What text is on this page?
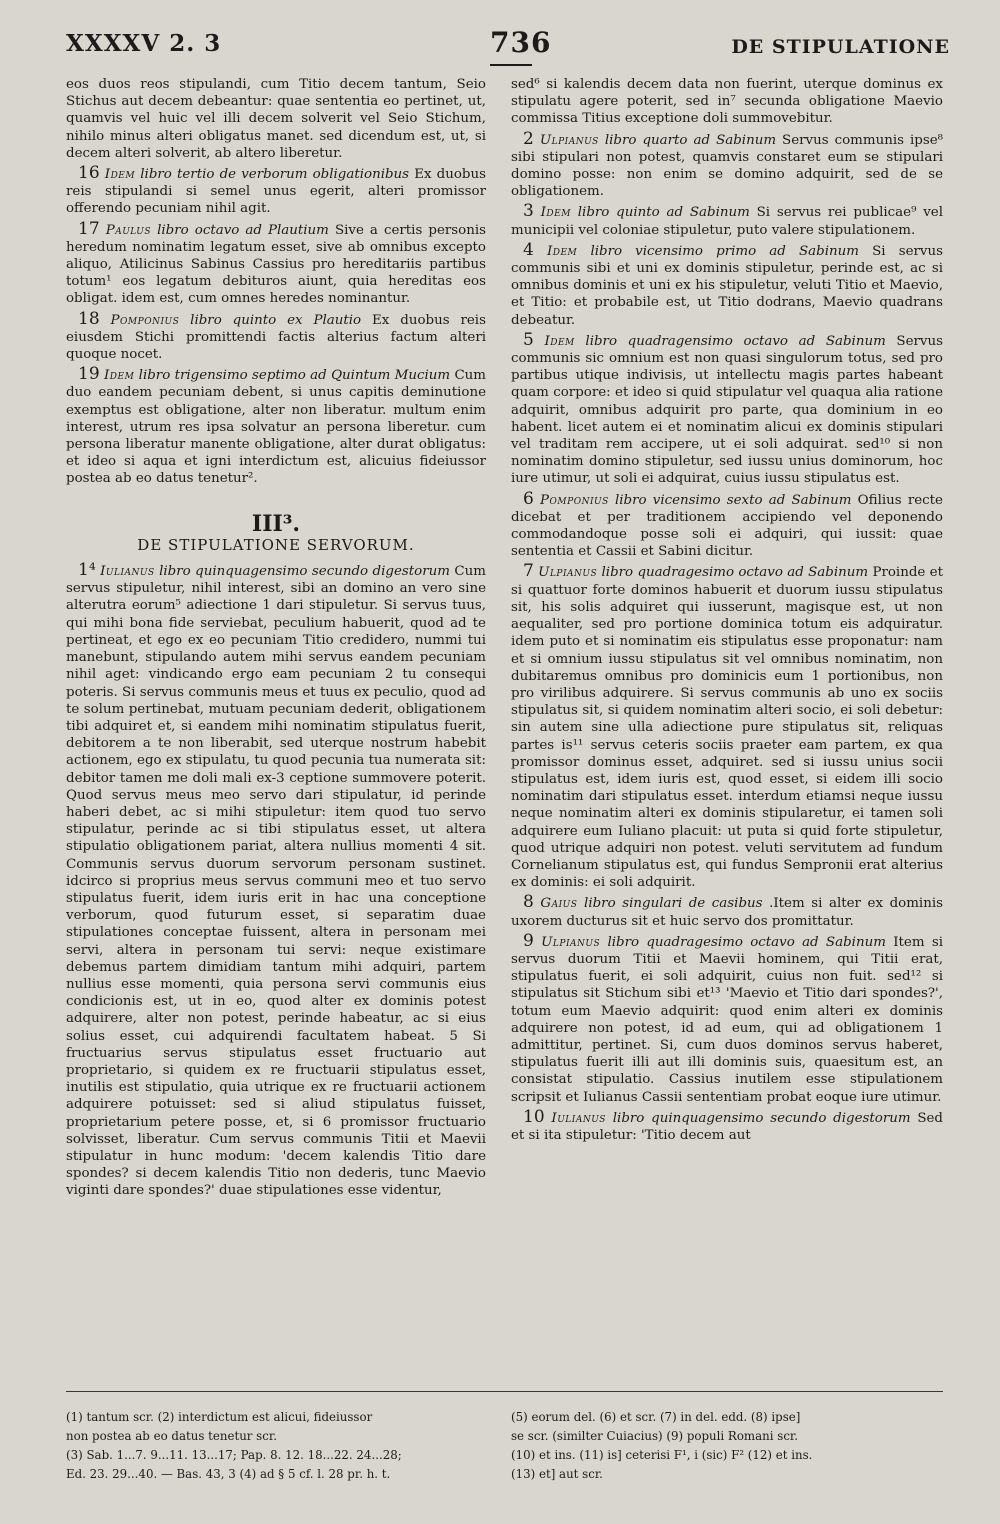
XXXXV 2. 3	736	DE STIPULATIONE

eos duos reos stipulandi, cum Titio decem tantum, Seio Stichus aut decem debeantur: quae sententia eo pertinet, ut, quamvis vel huic vel illi decem solverit vel Seio Stichum, nihilo minus alteri obligatus manet. sed dicendum est, ut, si decem alteri solverit, ab altero liberetur.

16 Idem libro tertio de verborum obligationibus Ex duobus reis stipulandi si semel unus egerit, alteri promissor offerendo pecuniam nihil agit.

17 Paulus libro octavo ad Plautium Sive a certis personis heredum nominatim legatum esset, sive ab omnibus excepto aliquo, Atilicinus Sabinus Cassius pro hereditariis partibus totum¹ eos legatum debituros aiunt, quia hereditas eos obligat. idem est, cum omnes heredes nominantur.

18 Pomponius libro quinto ex Plautio Ex duobus reis eiusdem Stichi promittendi factis alterius factum alteri quoque nocet.

19 Idem libro trigensimo septimo ad Quintum Mucium Cum duo eandem pecuniam debent, si unus capitis deminutione exemptus est obligatione, alter non liberatur. multum enim interest, utrum res ipsa solvatur an persona liberetur. cum persona liberatur manente obligatione, alter durat obligatus: et ideo si aqua et igni interdictum est, alicuius fideiussor postea ab eo datus tenetur².

III³.
DE STIPULATIONE SERVORUM.

1⁴ Iulianus libro quinquagensimo secundo digestorum Cum servus stipuletur, nihil interest, sibi an domino an vero sine alterutra eorum⁵ adiectione 1 dari stipuletur. Si servus tuus, qui mihi bona fide serviebat, peculium habuerit, quod ad te pertineat, et ego ex eo pecuniam Titio credidero, nummi tui manebunt, stipulando autem mihi servus eandem pecuniam nihil aget: vindicando ergo eam pecuniam 2 tu consequi poteris. Si servus communis meus et tuus ex peculio, quod ad te solum pertinebat, mutuam pecuniam dederit, obligationem tibi adquiret et, si eandem mihi nominatim stipulatus fuerit, debitorem a te non liberabit, sed uterque nostrum habebit actionem, ego ex stipulatu, tu quod pecunia tua numerata sit: debitor tamen me doli mali ex-3 ceptione summovere poterit. Quod servus meus meo servo dari stipulatur, id perinde haberi debet, ac si mihi stipuletur: item quod tuo servo stipulatur, perinde ac si tibi stipulatus esset, ut altera stipulatio obligationem pariat, altera nullius momenti 4 sit. Communis servus duorum servorum personam sustinet. idcirco si proprius meus servus communi meo et tuo servo stipulatus fuerit, idem iuris erit in hac una conceptione verborum, quod futurum esset, si separatim duae stipulationes conceptae fuissent, altera in personam mei servi, altera in personam tui servi: neque existimare debemus partem dimidiam tantum mihi adquiri, partem nullius esse momenti, quia persona servi communis eius condicionis est, ut in eo, quod alter ex dominis potest adquirere, alter non potest, perinde habeatur, ac si eius solius esset, cui adquirendi facultatem habeat. 5 Si fructuarius servus stipulatus esset fructuario aut proprietario, si quidem ex re fructuarii stipulatus esset, inutilis est stipulatio, quia utrique ex re fructuarii actionem adquirere potuisset: sed si aliud stipulatus fuisset, proprietarium petere posse, et, si 6 promissor fructuario solvisset, liberatur. Cum servus communis Titii et Maevii stipulatur in hunc modum: 'decem kalendis Titio dare spondes? si decem kalendis Titio non dederis, tunc Maevio viginti dare spondes?' duae stipulationes esse videntur,

sed⁶ si kalendis decem data non fuerint, uterque dominus ex stipulatu agere poterit, sed in⁷ secunda obligatione Maevio commissa Titius exceptione doli summovebitur.

2 Ulpianus libro quarto ad Sabinum Servus communis ipse⁸ sibi stipulari non potest, quamvis constaret eum se stipulari domino posse: non enim se domino adquirit, sed de se obligationem.

3 Idem libro quinto ad Sabinum Si servus rei publicae⁹ vel municipii vel coloniae stipuletur, puto valere stipulationem.

4 Idem libro vicensimo primo ad Sabinum Si servus communis sibi et uni ex dominis stipuletur, perinde est, ac si omnibus dominis et uni ex his stipuletur, veluti Titio et Maevio, et Titio: et probabile est, ut Titio dodrans, Maevio quadrans debeatur.

5 Idem libro quadragensimo octavo ad Sabinum Servus communis sic omnium est non quasi singulorum totus, sed pro partibus utique indivisis, ut intellectu magis partes habeant quam corpore: et ideo si quid stipulatur vel quaqua alia ratione adquirit, omnibus adquirit pro parte, qua dominium in eo habent. licet autem ei et nominatim alicui ex dominis stipulari vel traditam rem accipere, ut ei soli adquirat. sed¹⁰ si non nominatim domino stipuletur, sed iussu unius dominorum, hoc iure utimur, ut soli ei adquirat, cuius iussu stipulatus est.

6 Pomponius libro vicensimo sexto ad Sabinum Ofilius recte dicebat et per traditionem accipiendo vel deponendo commodandoque posse soli ei adquiri, qui iussit: quae sententia et Cassii et Sabini dicitur.

7 Ulpianus libro quadragesimo octavo ad Sabinum Proinde et si quattuor forte dominos habuerit et duorum iussu stipulatus sit, his solis adquiret qui iusserunt, magisque est, ut non aequaliter, sed pro portione dominica totum eis adquiratur. idem puto et si nominatim eis stipulatus esse proponatur: nam et si omnium iussu stipulatus sit vel omnibus nominatim, non dubitaremus omnibus pro dominicis eum 1 portionibus, non pro virilibus adquirere. Si servus communis ab uno ex sociis stipulatus sit, si quidem nominatim alteri socio, ei soli debetur: sin autem sine ulla adiectione pure stipulatus sit, reliquas partes is¹¹ servus ceteris sociis praeter eam partem, ex qua promissor dominus esset, adquiret. sed si iussu unius socii stipulatus est, idem iuris est, quod esset, si eidem illi socio nominatim dari stipulatus esset. interdum etiamsi neque iussu neque nominatim alteri ex dominis stipularetur, ei tamen soli adquirere eum Iuliano placuit: ut puta si quid forte stipuletur, quod utrique adquiri non potest. veluti servitutem ad fundum Cornelianum stipulatus est, qui fundus Sempronii erat alterius ex dominis: ei soli adquirit.

8 Gaius libro singulari de casibus .Item si alter ex dominis uxorem ducturus sit et huic servo dos promittatur.

9 Ulpianus libro quadragesimo octavo ad Sabinum Item si servus duorum Titii et Maevii hominem, qui Titii erat, stipulatus fuerit, ei soli adquirit, cuius non fuit. sed¹² si stipulatus sit Stichum sibi et¹³ 'Maevio et Titio dari spondes?', totum eum Maevio adquirit: quod enim alteri ex dominis adquirere non potest, id ad eum, qui ad obligationem 1 admittitur, pertinet. Si, cum duos dominos servus haberet, stipulatus fuerit illi aut illi dominis suis, quaesitum est, an consistat stipulatio. Cassius inutilem esse stipulationem scripsit et Iulianus Cassii sententiam probat eoque iure utimur.

10 Iulianus libro quinquagensimo secundo digestorum Sed et si ita stipuletur: 'Titio decem aut

(1) tantum scr. (2) interdictum est alicui, fideiussor
non postea ab eo datus tenetur scr.
(3) Sab. 1...7. 9...11. 13...17; Pap. 8. 12. 18...22. 24...28;
Ed. 23. 29...40. — Bas. 43, 3 (4) ad § 5 cf. l. 28 pr. h. t.
(5) eorum del. (6) et scr. (7) in del. edd. (8) ipse]
se scr. (similter Cuiacius) (9) populi Romani scr.
(10) et ins. (11) is] ceterisi F¹, i (sic) F² (12) et ins.
(13) et] aut scr.
